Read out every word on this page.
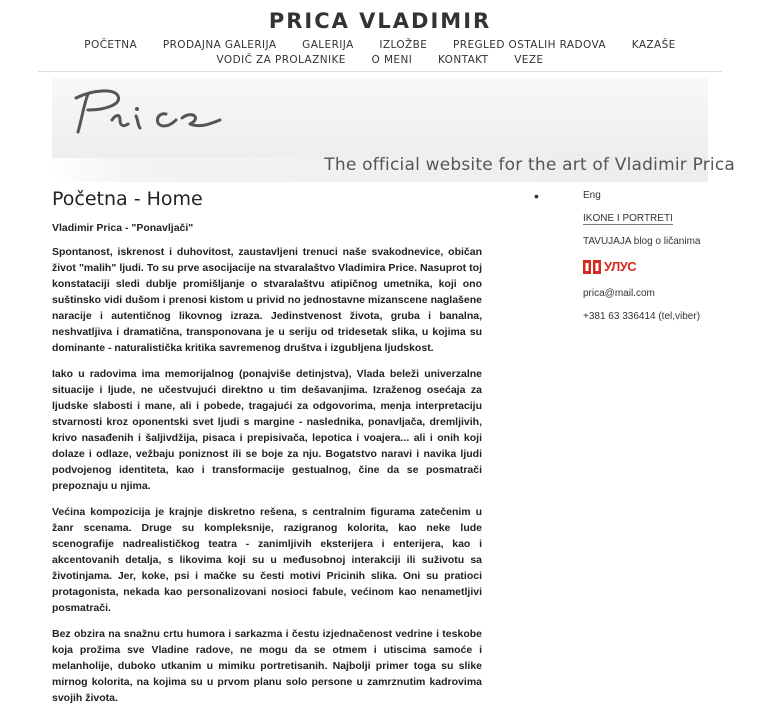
PRICA VLADIMIR
POČETNA PRODAJNA GALERIJA GALERIJA IZLOŽBE PREGLED OSTALIH RADOVA KAZAŠE
VODIČ ZA PROLAZNIKE O MENI KONTAKT VEZE
The official website for the art of Vladimir Prica
Početna - Home

Vladimir Prica - "Ponavljači"

Spontanost, iskrenost i duhovitost, zaustavljeni trenuci naše svakodnevice, običan život "malih" ljudi. To su prve asocijacije na stvaralaštvo Vladimira Price. Nasuprot toj konstataciji sledi dublje promišljanje o stvaralaštvu atipičnog umetnika, koji ono suštinsko vidi dušom i prenosi kistom u privid no jednostavne mizanscene naglašene naracije i autentičnog likovnog izraza. Jedinstvenost života, gruba i banalna, neshvatljiva i dramatična, transponovana je u seriju od tridesetak slika, u kojima su dominante - naturalistička kritika savremenog društva i izgubljena ljudskost.

Iako u radovima ima memorijalnog (ponajviše detinjstva), Vlada beleži univerzalne situacije i ljude, ne učestvujući direktno u tim dešavanjima. Izraženog osećaja za ljudske slabosti i mane, ali i pobede, tragajući za odgovorima, menja interpretaciju stvarnosti kroz oponentski svet ljudi s margine - naslednika, ponavljača, dremljivih, krivo nasađenih i šaljivdžija, pisaca i prepisivača, lepotica i voajera... ali i onih koji dolaze i odlaze, vežbaju poniznost ili se boje za nju. Bogatstvo naravi i navika ljudi podvojenog identiteta, kao i transformacije gestualnog, čine da se posmatrači prepoznaju u njima.

Većina kompozicija je krajnje diskretno rešena, s centralnim figurama zatečenim u žanr scenama. Druge su kompleksnije, razigranog kolorita, kao neke lude scenografije nadrealističkog teatra - zanimljivih eksterijera i enterijera, kao i akcentovanih detalja, s likovima koji su u međusobnoj interakciji ili suživotu sa životinjama. Jer, koke, psi i mačke su česti motivi Pricinih slika. Oni su pratioci protagonista, nekada kao personalizovani nosioci fabule, većinom kao nenametljivi posmatrači.

Bez obzira na snažnu crtu humora i sarkazma i čestu izjednačenost vedrine i teskobe koja prožima sve Vladine radove, ne mogu da se otmem i utiscima samoće i melanholije, duboko utkanim u mimiku portretisanih. Najbolji primer toga su slike mirnog kolorita, na kojima su u prvom planu solo persone u zamrznutim kadrovima svojih života.

•	Eng
IKONE I PORTRETI
TAVUJAJA blog o ličanima
УЛУС
prica@mail.com
+381 63 336414 (tel,viber)
